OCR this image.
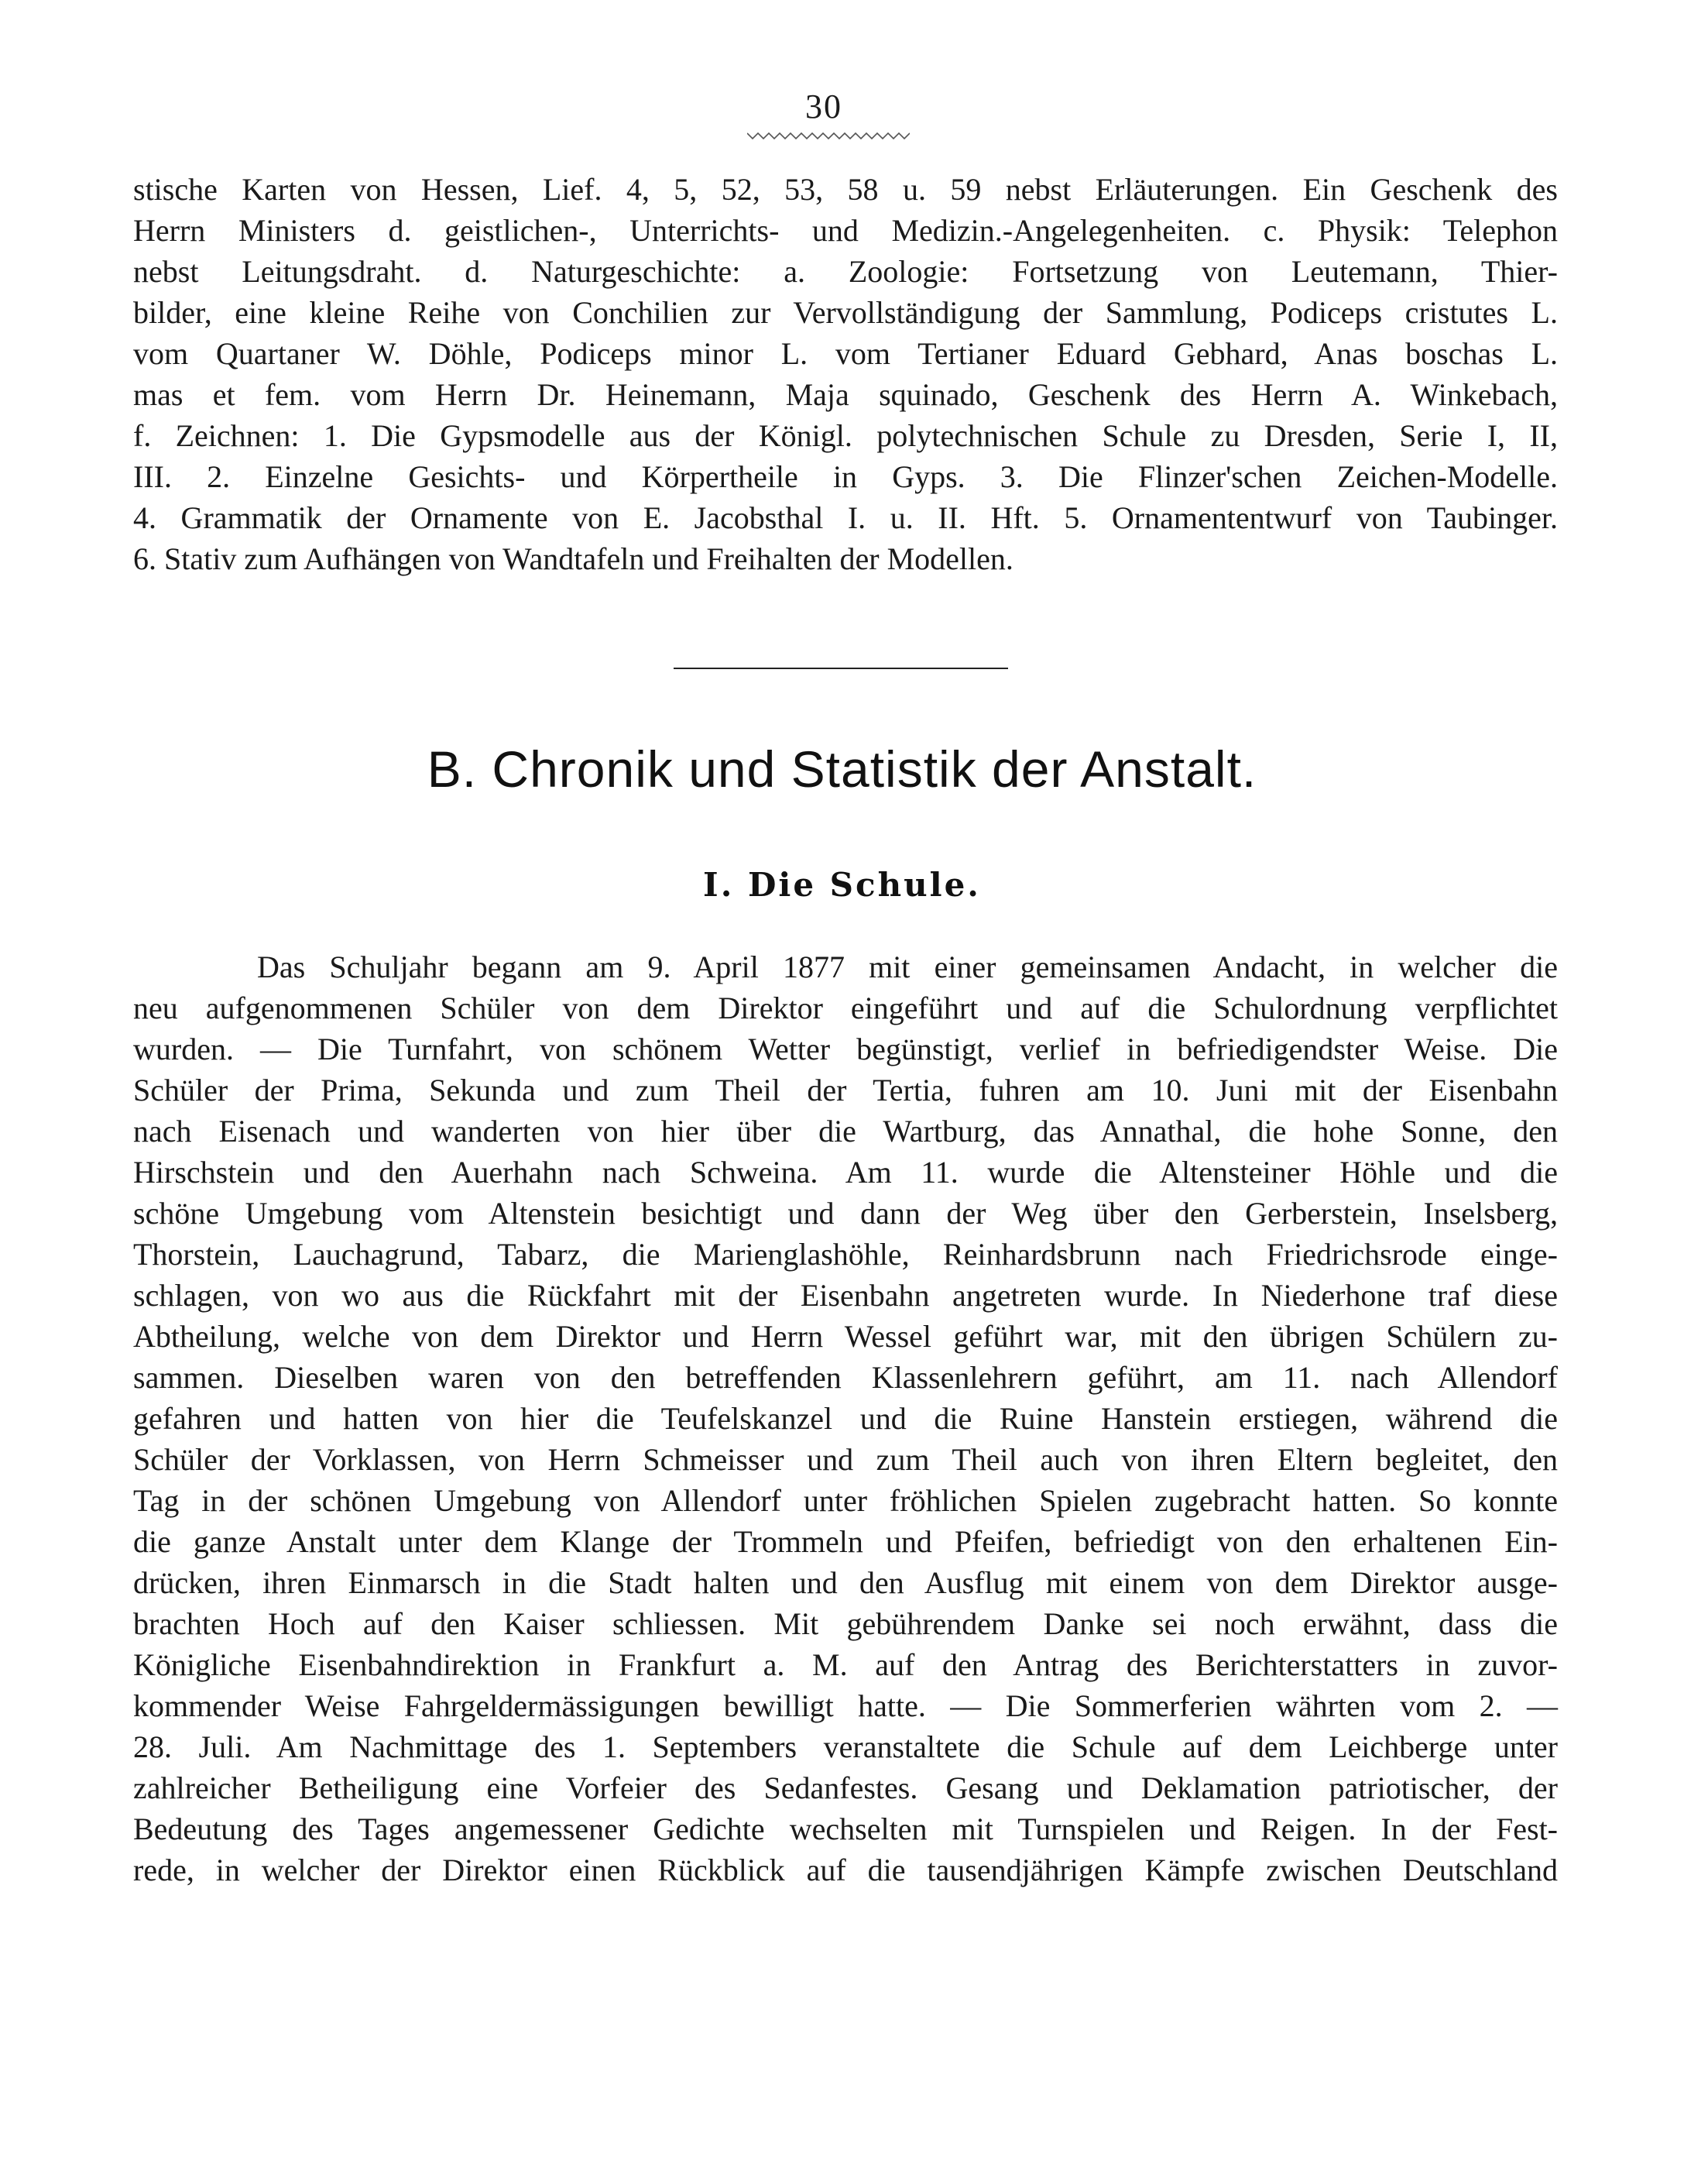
30
stische Karten von Hessen, Lief. 4, 5, 52, 53, 58 u. 59 nebst Erläuterungen. Ein Geschenk des
Herrn Ministers d. geistlichen-, Unterrichts- und Medizin.-Angelegenheiten. c. Physik: Telephon
nebst Leitungsdraht. d. Naturgeschichte: a. Zoologie: Fortsetzung von Leutemann, Thier-
bilder, eine kleine Reihe von Conchilien zur Vervollständigung der Sammlung, Podiceps cristutes L.
vom Quartaner W. Döhle, Podiceps minor L. vom Tertianer Eduard Gebhard, Anas boschas L.
mas et fem. vom Herrn Dr. Heinemann, Maja squinado, Geschenk des Herrn A. Winkebach,
f. Zeichnen: 1. Die Gypsmodelle aus der Königl. polytechnischen Schule zu Dresden, Serie I, II,
III. 2. Einzelne Gesichts- und Körpertheile in Gyps. 3. Die Flinzer'schen Zeichen-Modelle.
4. Grammatik der Ornamente von E. Jacobsthal I. u. II. Hft. 5. Ornamententwurf von Taubinger.
6. Stativ zum Aufhängen von Wandtafeln und Freihalten der Modellen.
B. Chronik und Statistik der Anstalt.
I. Die Schule.
Das Schuljahr begann am 9. April 1877 mit einer gemeinsamen Andacht, in welcher die
neu aufgenommenen Schüler von dem Direktor eingeführt und auf die Schulordnung verpflichtet
wurden. — Die Turnfahrt, von schönem Wetter begünstigt, verlief in befriedigendster Weise. Die
Schüler der Prima, Sekunda und zum Theil der Tertia, fuhren am 10. Juni mit der Eisenbahn
nach Eisenach und wanderten von hier über die Wartburg, das Annathal, die hohe Sonne, den
Hirschstein und den Auerhahn nach Schweina. Am 11. wurde die Altensteiner Höhle und die
schöne Umgebung vom Altenstein besichtigt und dann der Weg über den Gerberstein, Inselsberg,
Thorstein, Lauchagrund, Tabarz, die Marienglashöhle, Reinhardsbrunn nach Friedrichsrode einge-
schlagen, von wo aus die Rückfahrt mit der Eisenbahn angetreten wurde. In Niederhone traf diese
Abtheilung, welche von dem Direktor und Herrn Wessel geführt war, mit den übrigen Schülern zu-
sammen. Dieselben waren von den betreffenden Klassenlehrern geführt, am 11. nach Allendorf
gefahren und hatten von hier die Teufelskanzel und die Ruine Hanstein erstiegen, während die
Schüler der Vorklassen, von Herrn Schmeisser und zum Theil auch von ihren Eltern begleitet, den
Tag in der schönen Umgebung von Allendorf unter fröhlichen Spielen zugebracht hatten. So konnte
die ganze Anstalt unter dem Klange der Trommeln und Pfeifen, befriedigt von den erhaltenen Ein-
drücken, ihren Einmarsch in die Stadt halten und den Ausflug mit einem von dem Direktor ausge-
brachten Hoch auf den Kaiser schliessen. Mit gebührendem Danke sei noch erwähnt, dass die
Königliche Eisenbahndirektion in Frankfurt a. M. auf den Antrag des Berichterstatters in zuvor-
kommender Weise Fahrgeldermässigungen bewilligt hatte. — Die Sommerferien währten vom 2. —
28. Juli. Am Nachmittage des 1. Septembers veranstaltete die Schule auf dem Leichberge unter
zahlreicher Betheiligung eine Vorfeier des Sedanfestes. Gesang und Deklamation patriotischer, der
Bedeutung des Tages angemessener Gedichte wechselten mit Turnspielen und Reigen. In der Fest-
rede, in welcher der Direktor einen Rückblick auf die tausendjährigen Kämpfe zwischen Deutschland
